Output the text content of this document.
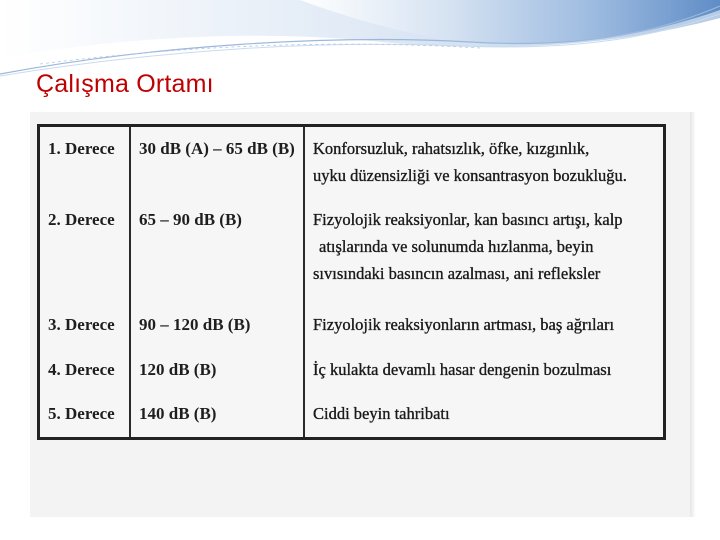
Çalışma Ortamı
1. Derece 30 dB (A) – 65 dB (B) Konforsuzluk, rahatsızlık, öfke, kızgınlık,
uyku düzensizliği ve konsantrasyon bozukluğu.
2. Derece 65 – 90 dB (B)	Fizyolojik reaksiyonlar, kan basıncı artışı, kalp
atışlarında ve solunumda hızlanma, beyin
sıvısındaki basıncın azalması, ani refleksler
3. Derece 90 – 120 dB (B)	Fizyolojik reaksiyonların artması, baş ağrıları
4. Derece 120 dB (B)	İç kulakta devamlı hasar dengenin bozulması
5. Derece 140 dB (B)	Ciddi beyin tahribatı
